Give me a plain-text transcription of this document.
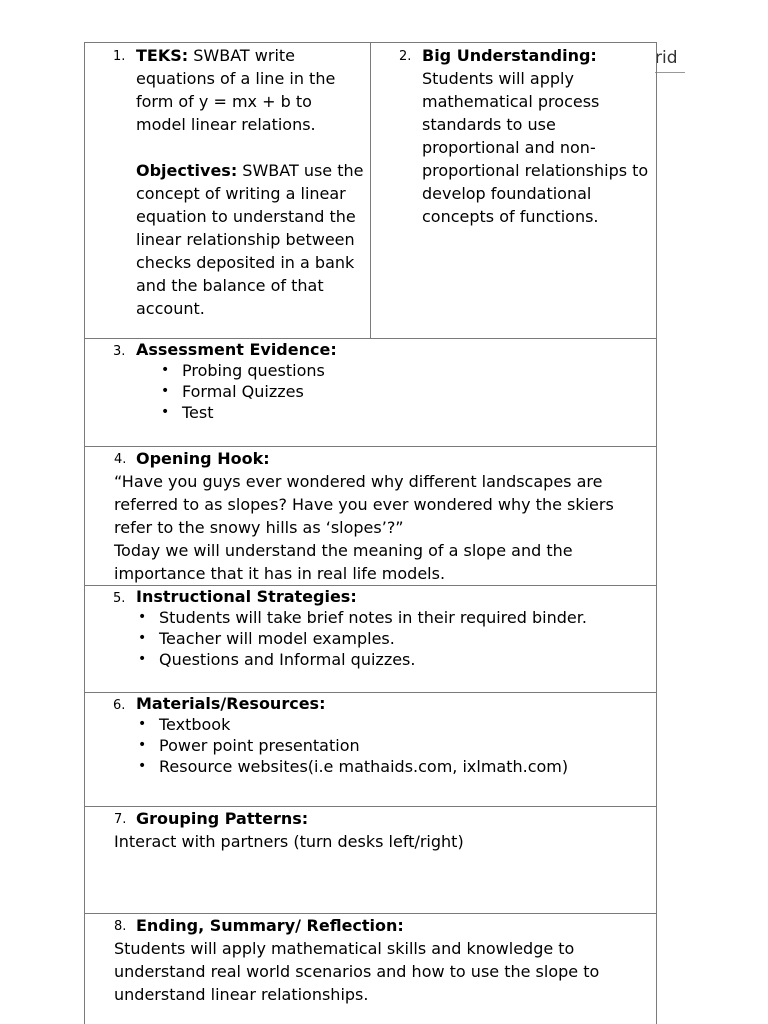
rid
1. TEKS: SWBAT write equations of a line in the form of y = mx + b to model linear relations.
Objectives: SWBAT use the concept of writing a linear equation to understand the linear relationship between checks deposited in a bank and the balance of that account.

2. Big Understanding:
Students will apply mathematical process standards to use proportional and non-proportional relationships to develop foundational concepts of functions.

3. Assessment Evidence:
• Probing questions
• Formal Quizzes
• Test

4. Opening Hook:
“Have you guys ever wondered why different landscapes are referred to as slopes? Have you ever wondered why the skiers refer to the snowy hills as ‘slopes’?”
Today we will understand the meaning of a slope and the importance that it has in real life models.

5. Instructional Strategies:
• Students will take brief notes in their required binder.
• Teacher will model examples.
• Questions and Informal quizzes.

6. Materials/Resources:
• Textbook
• Power point presentation
• Resource websites(i.e mathaids.com, ixlmath.com)

7. Grouping Patterns:
Interact with partners (turn desks left/right)

8. Ending, Summary/ Reflection:
Students will apply mathematical skills and knowledge to understand real world scenarios and how to use the slope to understand linear relationships.
